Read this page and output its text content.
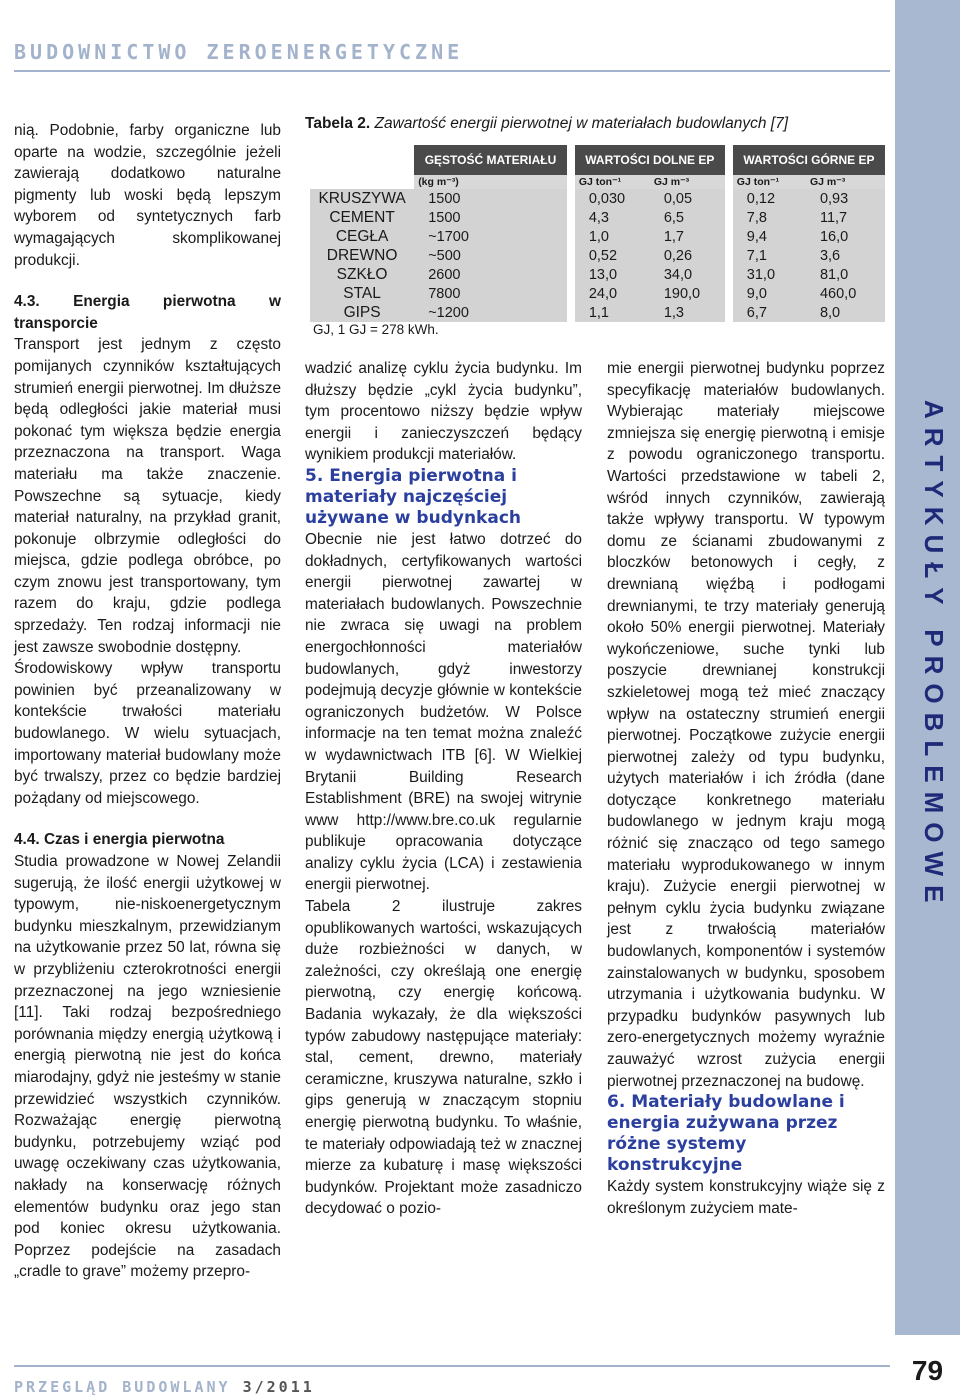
BUDOWNICTWO ZEROENERGETYCZNE
ARTYKUŁY PROBLEMOWE

nią. Podobnie, farby organiczne lub oparte na wodzie, szczególnie jeżeli zawierają dodatkowo naturalne pigmenty lub woski będą lepszym wyborem od syntetycznych farb wymagających skomplikowanej produkcji.

4.3. Energia pierwotna w transporcie

Transport jest jednym z często pomijanych czynników kształtujących strumień energii pierwotnej. Im dłuższe będą odległości jakie materiał musi pokonać tym większa będzie energia przeznaczona na transport. Waga materiału ma także znaczenie. Powszechne są sytuacje, kiedy materiał naturalny, na przykład granit, pokonuje olbrzymie odległości do miejsca, gdzie podlega obróbce, po czym znowu jest transportowany, tym razem do kraju, gdzie podlega sprzedaży. Ten rodzaj informacji nie jest zawsze swobodnie dostępny.

Środowiskowy wpływ transportu powinien być przeanalizowany w kontekście trwałości materiału budowlanego. W wielu sytuacjach, importowany materiał budowlany może być trwalszy, przez co będzie bardziej pożądany od miejscowego.

4.4. Czas i energia pierwotna

Studia prowadzone w Nowej Zelandii sugerują, że ilość energii użytkowej w typowym, nie-niskoenergetycznym budynku mieszkalnym, przewidzianym na użytkowanie przez 50 lat, równa się w przybliżeniu czterokrotności energii przeznaczonej na jego wzniesienie [11]. Taki rodzaj bezpośredniego porównania między energią użytkową i energią pierwotną nie jest do końca miarodajny, gdyż nie jesteśmy w stanie przewidzieć wszystkich czynników. Rozważając energię pierwotną budynku, potrzebujemy wziąć pod uwagę oczekiwany czas użytkowania, nakłady na konserwację różnych elementów budynku oraz jego stan pod koniec okresu użytkowania. Poprzez podejście na zasadach „cradle to grave” możemy przepro-

Tabela 2. Zawartość energii pierwotnej w materiałach budowlanych [7]
	GĘSTOŚĆ MATERIAŁU		WARTOŚCI DOLNE EP			WARTOŚCI GÓRNE EP	
	(kg m⁻³)		GJ ton⁻¹	GJ m⁻³		GJ ton⁻¹	GJ m⁻³
KRUSZYWA	1500		0,030	0,05		0,12	0,93
CEMENT	1500		4,3	6,5		7,8	11,7
CEGŁA	~1700		1,0	1,7		9,4	16,0
DREWNO	~500		0,52	0,26		7,1	3,6
SZKŁO	2600		13,0	34,0		31,0	81,0
STAL	7800		24,0	190,0		9,0	460,0
GIPS	~1200		1,1	1,3		6,7	8,0
GJ, 1 GJ = 278 kWh.

wadzić analizę cyklu życia budynku. Im dłuższy będzie „cykl życia budynku”, tym procentowo niższy będzie wpływ energii i zanieczyszczeń będący wynikiem produkcji materiałów.

5. Energia pierwotna i materiały najczęściej używane w budynkach

Obecnie nie jest łatwo dotrzeć do dokładnych, certyfikowanych wartości energii pierwotnej zawartej w materiałach budowlanych. Powszechnie nie zwraca się uwagi na problem energochłonności materiałów budowlanych, gdyż inwestorzy podejmują decyzje głównie w kontekście ograniczonych budżetów. W Polsce informacje na ten temat można znaleźć w wydawnictwach ITB [6]. W Wielkiej Brytanii Building Research Establishment (BRE) na swojej witrynie www http://www.bre.co.uk regularnie publikuje opracowania dotyczące analizy cyklu życia (LCA) i zestawienia energii pierwotnej.

Tabela 2 ilustruje zakres opublikowanych wartości, wskazujących duże rozbieżności w danych, w zależności, czy określają one energię pierwotną, czy energię końcową. Badania wykazały, że dla większości typów zabudowy następujące materiały: stal, cement, drewno, materiały ceramiczne, kruszywa naturalne, szkło i gips generują w znaczącym stopniu energię pierwotną budynku. To właśnie, te materiały odpowiadają też w znacznej mierze za kubaturę i masę większości budynków. Projektant może zasadniczo decydować o pozio-

mie energii pierwotnej budynku poprzez specyfikację materiałów budowlanych. Wybierając materiały miejscowe zmniejsza się energię pierwotną i emisje z powodu ograniczonego transportu. Wartości przedstawione w tabeli 2, wśród innych czynników, zawierają także wpływy transportu. W typowym domu ze ścianami zbudowanymi z bloczków betonowych i cegły, z drewnianą więźbą i podłogami drewnianymi, te trzy materiały generują około 50% energii pierwotnej. Materiały wykończeniowe, suche tynki lub poszycie drewnianej konstrukcji szkieletowej mogą też mieć znaczący wpływ na ostateczny strumień energii pierwotnej. Początkowe zużycie energii pierwotnej zależy od typu budynku, użytych materiałów i ich źródła (dane dotyczące konkretnego materiału budowlanego w jednym kraju mogą różnić się znacząco od tego samego materiału wyprodukowanego w innym kraju). Zużycie energii pierwotnej w pełnym cyklu życia budynku związane jest z trwałością materiałów budowlanych, komponentów i systemów zainstalowanych w budynku, sposobem utrzymania i użytkowania budynku. W przypadku budynków pasywnych lub zero-energetycznych możemy wyraźnie zauważyć wzrost zużycia energii pierwotnej przeznaczonej na budowę.

6. Materiały budowlane i energia zużywana przez różne systemy konstrukcyjne

Każdy system konstrukcyjny wiąże się z określonym zużyciem mate-

PRZEGLĄD BUDOWLANY 3/2011
79
